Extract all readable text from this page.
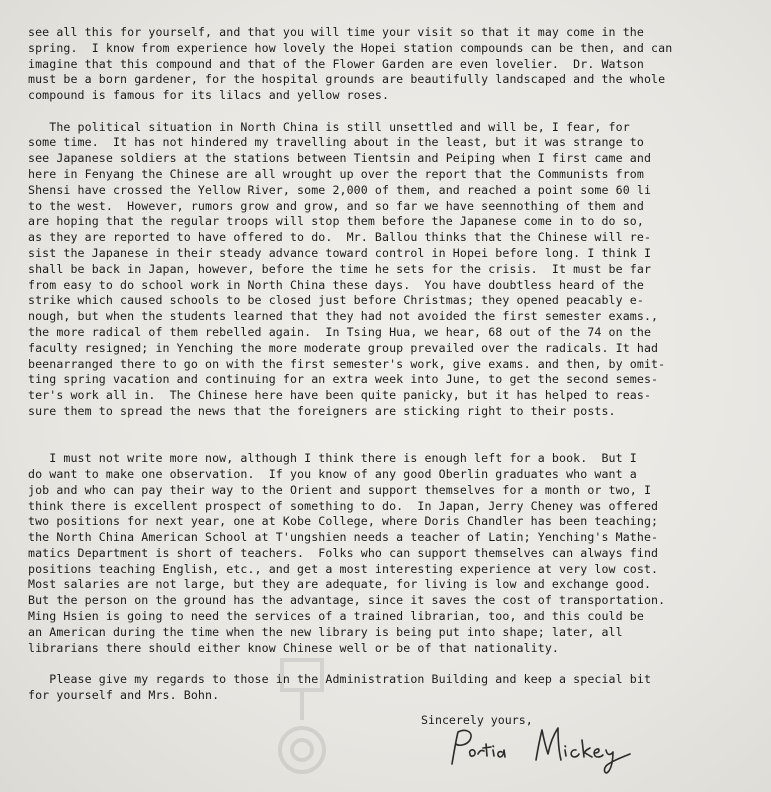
see all this for yourself, and that you will time your visit so that it may come in the
spring.  I know from experience how lovely the Hopei station compounds can be then, and can
imagine that this compound and that of the Flower Garden are even lovelier.  Dr. Watson
must be a born gardener, for the hospital grounds are beautifully landscaped and the whole
compound is famous for its lilacs and yellow roses.
The political situation in North China is still unsettled and will be, I fear, for
some time.  It has not hindered my travelling about in the least, but it was strange to
see Japanese soldiers at the stations between Tientsin and Peiping when I first came and
here in Fenyang the Chinese are all wrought up over the report that the Communists from
Shensi have crossed the Yellow River, some 2,000 of them, and reached a point some 60 li
to the west.  However, rumors grow and grow, and so far we have seennothing of them and
are hoping that the regular troops will stop them before the Japanese come in to do so,
as they are reported to have offered to do.  Mr. Ballou thinks that the Chinese will re-
sist the Japanese in their steady advance toward control in Hopei before long. I think I
shall be back in Japan, however, before the time he sets for the crisis.  It must be far
from easy to do school work in North China these days.  You have doubtless heard of the
strike which caused schools to be closed just before Christmas; they opened peacably e-
nough, but when the students learned that they had not avoided the first semester exams.,
the more radical of them rebelled again.  In Tsing Hua, we hear, 68 out of the 74 on the
faculty resigned; in Yenching the more moderate group prevailed over the radicals. It had
beenarranged there to go on with the first semester's work, give exams. and then, by omit-
ting spring vacation and continuing for an extra week into June, to get the second semes-
ter's work all in.  The Chinese here have been quite panicky, but it has helped to reas-
sure them to spread the news that the foreigners are sticking right to their posts.
I must not write more now, although I think there is enough left for a book.  But I
do want to make one observation.  If you know of any good Oberlin graduates who want a
job and who can pay their way to the Orient and support themselves for a month or two, I
think there is excellent prospect of something to do.  In Japan, Jerry Cheney was offered
two positions for next year, one at Kobe College, where Doris Chandler has been teaching;
the North China American School at T'ungshien needs a teacher of Latin; Yenching's Mathe-
matics Department is short of teachers.  Folks who can support themselves can always find
positions teaching English, etc., and get a most interesting experience at very low cost.
Most salaries are not large, but they are adequate, for living is low and exchange good.
But the person on the ground has the advantage, since it saves the cost of transportation.
Ming Hsien is going to need the services of a trained librarian, too, and this could be
an American during the time when the new library is being put into shape; later, all
librarians there should either know Chinese well or be of that nationality.
Please give my regards to those in the Administration Building and keep a special bit
for yourself and Mrs. Bohn.
Sincerely yours,
